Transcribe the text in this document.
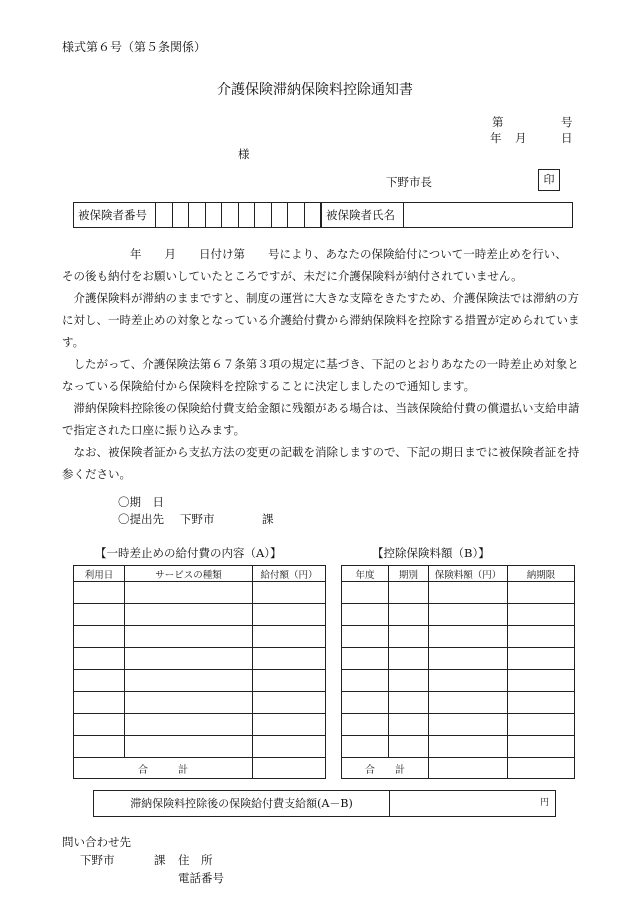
様式第６号（第５条関係）
介護保険滞納保険料控除通知書
第	号
年 月	日
様
下野市長	印
被保険者番号	被保険者氏名
年　　月　　日付け第　　号により、あなたの保険給付について一時差止めを行い、
その後も納付をお願いしていたところですが、未だに介護保険料が納付されていません。
　介護保険料が滞納のままですと、制度の運営に大きな支障をきたすため、介護保険法では滞納の方に対し、一時差止めの対象となっている介護給付費から滞納保険料を控除する措置が定められています。
　したがって、介護保険法第６７条第３項の規定に基づき、下記のとおりあなたの一時差止め対象となっている保険給付から保険料を控除することに決定しましたので通知します。
　滞納保険料控除後の保険給付費支給金額に残額がある場合は、当該保険給付費の償還払い支給申請で指定された口座に振り込みます。
　なお、被保険者証から支払方法の変更の記載を消除しますので、下記の期日までに被保険者証を持参ください。
〇期　日
〇提出先 下野市	課
【一時差止めの給付費の内容（A）】	【控除保険料額（B）】
利用日	サービスの種類	給付額（円）

合　　　計		
年度	期別	保険料額（円）	納期限

合　　計			
滞納保険料控除後の保険給付費支給額(A－B)	円
問い合わせ先
下野市	課 住　所
電話番号
